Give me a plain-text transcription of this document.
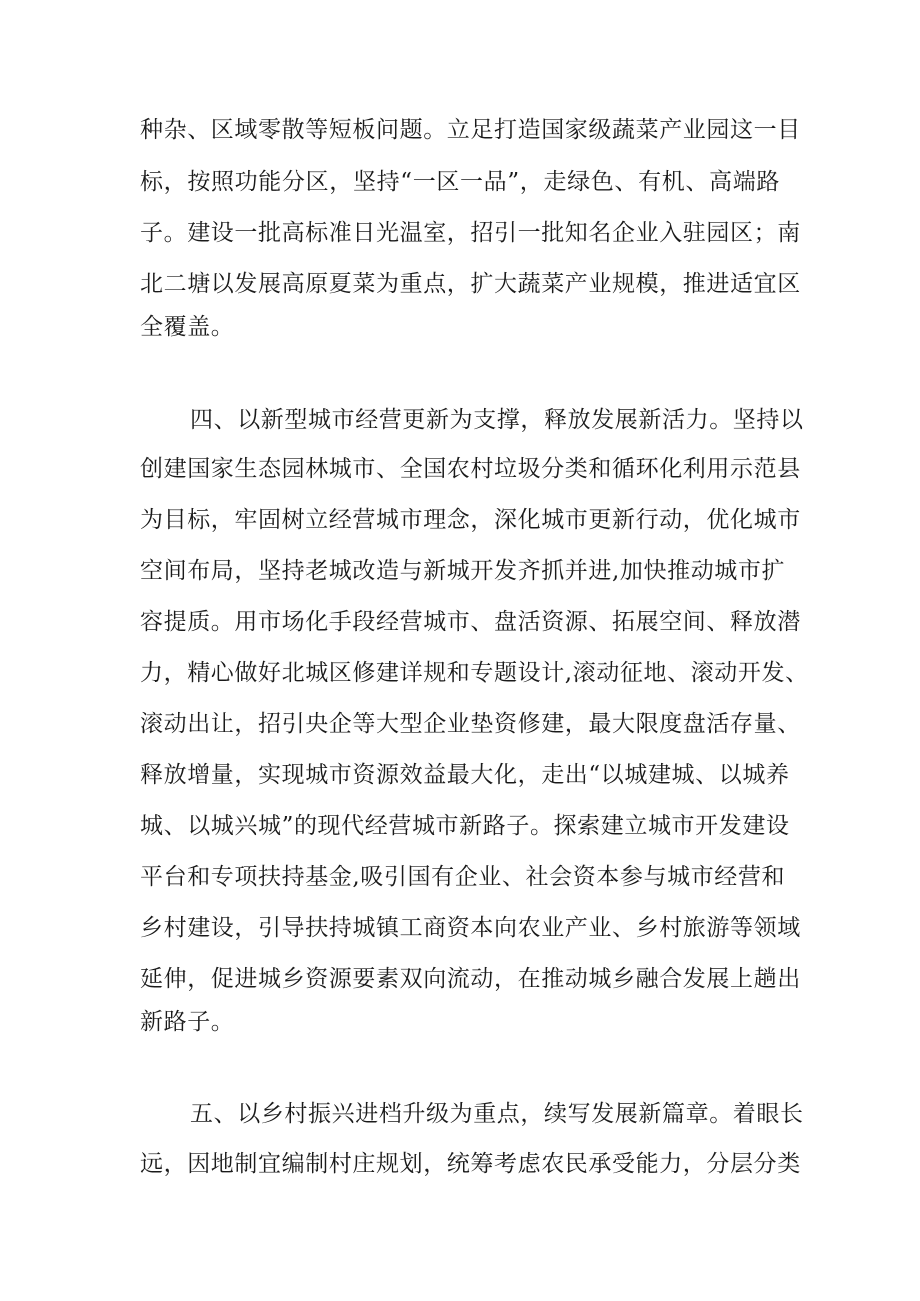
种杂、区域零散等短板问题。立足打造国家级蔬菜产业园这一目
标，按照功能分区，坚持“一区一品”，走绿色、有机、高端路
子。建设一批高标准日光温室，招引一批知名企业入驻园区；南
北二塘以发展高原夏菜为重点，扩大蔬菜产业规模，推进适宜区
全覆盖。
四、以新型城市经营更新为支撑，释放发展新活力。坚持以
创建国家生态园林城市、全国农村垃圾分类和循环化利用示范县
为目标，牢固树立经营城市理念，深化城市更新行动，优化城市
空间布局，坚持老城改造与新城开发齐抓并进,加快推动城市扩
容提质。用市场化手段经营城市、盘活资源、拓展空间、释放潜
力，精心做好北城区修建详规和专题设计,滚动征地、滚动开发、
滚动出让，招引央企等大型企业垫资修建，最大限度盘活存量、
释放增量，实现城市资源效益最大化，走出“以城建城、以城养
城、以城兴城”的现代经营城市新路子。探索建立城市开发建设
平台和专项扶持基金,吸引国有企业、社会资本参与城市经营和
乡村建设，引导扶持城镇工商资本向农业产业、乡村旅游等领域
延伸，促进城乡资源要素双向流动，在推动城乡融合发展上趟出
新路子。
五、以乡村振兴进档升级为重点，续写发展新篇章。着眼长
远，因地制宜编制村庄规划，统筹考虑农民承受能力，分层分类
